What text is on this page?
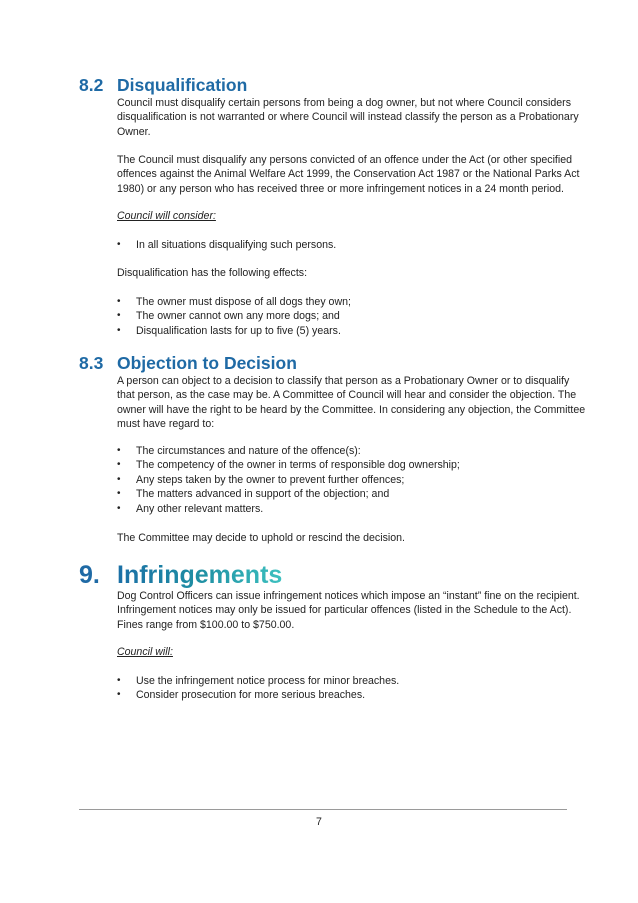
8.2 Disqualification
Council must disqualify certain persons from being a dog owner, but not where Council considers disqualification is not warranted or where Council will instead classify the person as a Probationary Owner.
The Council must disqualify any persons convicted of an offence under the Act (or other specified offences against the Animal Welfare Act 1999, the Conservation Act 1987 or the National Parks Act 1980) or any person who has received three or more infringement notices in a 24 month period.
Council will consider:
• In all situations disqualifying such persons.
Disqualification has the following effects:
• The owner must dispose of all dogs they own;
• The owner cannot own any more dogs; and
• Disqualification lasts for up to five (5) years.
8.3 Objection to Decision
A person can object to a decision to classify that person as a Probationary Owner or to disqualify that person, as the case may be. A Committee of Council will hear and consider the objection. The owner will have the right to be heard by the Committee. In considering any objection, the Committee must have regard to:
• The circumstances and nature of the offence(s):
• The competency of the owner in terms of responsible dog ownership;
• Any steps taken by the owner to prevent further offences;
• The matters advanced in support of the objection; and
• Any other relevant matters.
The Committee may decide to uphold or rescind the decision.
9. Infringements
Dog Control Officers can issue infringement notices which impose an “instant” fine on the recipient. Infringement notices may only be issued for particular offences (listed in the Schedule to the Act). Fines range from $100.00 to $750.00.
Council will:
• Use the infringement notice process for minor breaches.
• Consider prosecution for more serious breaches.
7
